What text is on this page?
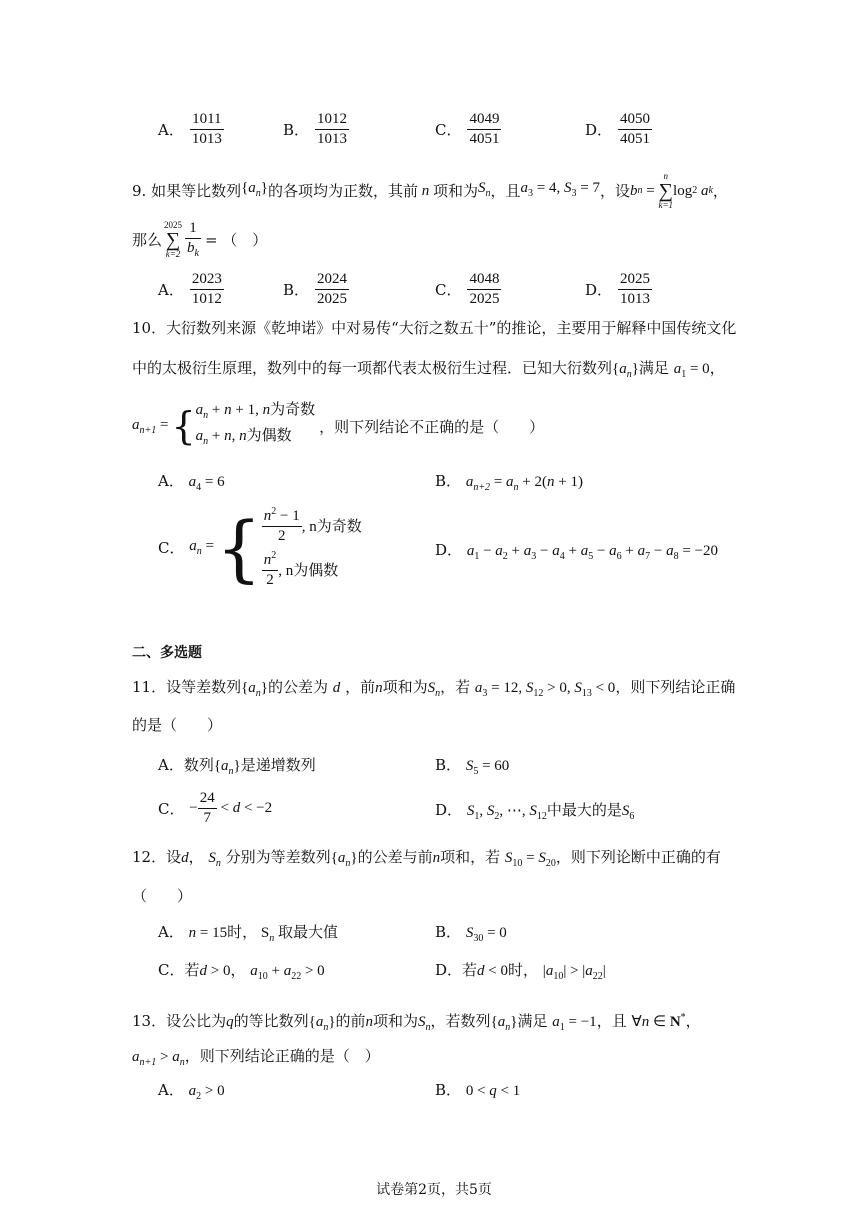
A． $\frac{1011}{1013}$	B． $\frac{1012}{1013}$	C． $\frac{4049}{4051}$	D． $\frac{4050}{4051}$
9. 如果等比数列 $\{a_n\}$ 的各项均为正数，其前 n 项和为 $S_n$ ，且 $a_3 = 4$, $S_3 = 7$ ，设 b n =
n
∑
k=1
log 2
a k ，
那么
2025
∑
$k=2 \frac{1}{b_k}$ = （　）
A． $\frac{2023}{1012}$	B． $\frac{2024}{2025}$	C． $\frac{4048}{2025}$	D． $\frac{2025}{1013}$
10．大衍数列来源《乾坤诺》中对易传“大衍之数五十”的推论，主要用于解释中国传统文化
中的太极衍生原理，数列中的每一项都代表太极衍生过程．已知大衍数列$\{a_n\}$满足 $a_1 = 0$，
$a_{n+1}$ = { $a_n + n + 1$, n为奇数
$a_n + n$, n为偶数
，则下列结论不正确的是（　　）
A． $a_4 = 6$	B． $a_{n+2} = a_n + 2(n + 1)$
C．
$a_n$ = { $\frac{n^2 - 1}{2}$ , n为奇数
$\frac{n^2}{2}$ , n为偶数
D． $a_1 - a_2 + a_3 - a_4 + a_5 - a_6 + a_7 - a_8 = -20$
二、多选题
11．设等差数列$\{a_n\}$的公差为 d ，前n项和为$S_n$，若 $a_3 = 12$, $S_{12} > 0$, $S_{13} < 0$，则下列结论正确
的是（　　）
A．数列$\{a_n\}$是递增数列	B． $S_5 = 60$
C．
− $\frac{24}{7} < d < -2$	D． $S_1$, $S_2$, ⋯, $S_{12}$中最大的是$S_6$
12．设d， $S_n$ 分别为等差数列$\{a_n\}$的公差与前n项和，若 $S_{10} = S_{20}$，则下列论断中正确的有
（　　）
A． n = 15时， $S_n$ 取最大值	B． $S_{30} = 0$
C．若d > 0， $a_{10} + a_{22} > 0$	D．若d < 0时， $|a_{10}| > |a_{22}|$
13．设公比为q的等比数列$\{a_n\}$的前n项和为$S_n$，若数列$\{a_n\}$满足 $a_1 = -1$，且 ∀n ∈ N*，
$a_{n+1} > a_n$，则下列结论正确的是（　）
A． $a_2 > 0$	B． 0 < q < 1
试卷第2页，共5页
